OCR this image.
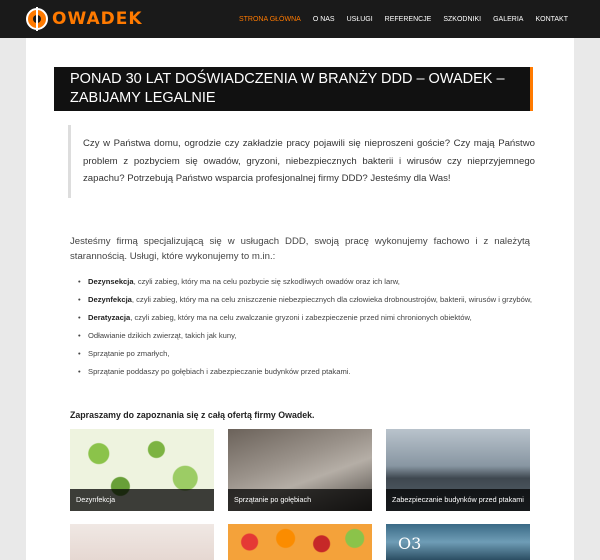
OWADEK	STRONA GŁÓWNA	O NAS	USŁUGI	REFERENCJE	SZKODNIKI	GALERIA	KONTAKT
PONAD 30 LAT DOŚWIADCZENIA W BRANŻY DDD – OWADEK – ZABIJAMY LEGALNIE
Czy w Państwa domu, ogrodzie czy zakładzie pracy pojawili się nieproszeni goście? Czy mają Państwo problem z pozbyciem się owadów, gryzoni, niebezpiecznych bakterii i wirusów czy nieprzyjemnego zapachu? Potrzebują Państwo wsparcia profesjonalnej firmy DDD? Jesteśmy dla Was!
Jesteśmy firmą specjalizującą się w usługach DDD, swoją pracę wykonujemy fachowo i z należytą starannością. Usługi, które wykonujemy to m.in.:
• Dezynsekcja, czyli zabieg, który ma na celu pozbycie się szkodliwych owadów oraz ich larw,
• Dezynfekcja, czyli zabieg, który ma na celu zniszczenie niebezpiecznych dla człowieka drobnoustrojów, bakterii, wirusów i grzybów,
• Deratyzacja, czyli zabieg, który ma na celu zwalczanie gryzoni i zabezpieczenie przed nimi chronionych obiektów,
• Odławianie dzikich zwierząt, takich jak kuny,
• Sprzątanie po zmarłych,
• Sprzątanie poddaszy po gołębiach i zabezpieczanie budynków przed ptakami.
Zapraszamy do zapoznania się z całą ofertą firmy Owadek.
Dezynfekcja	Sprzątanie po gołębiach	Zabezpieczanie budynków przed ptakami
O3
